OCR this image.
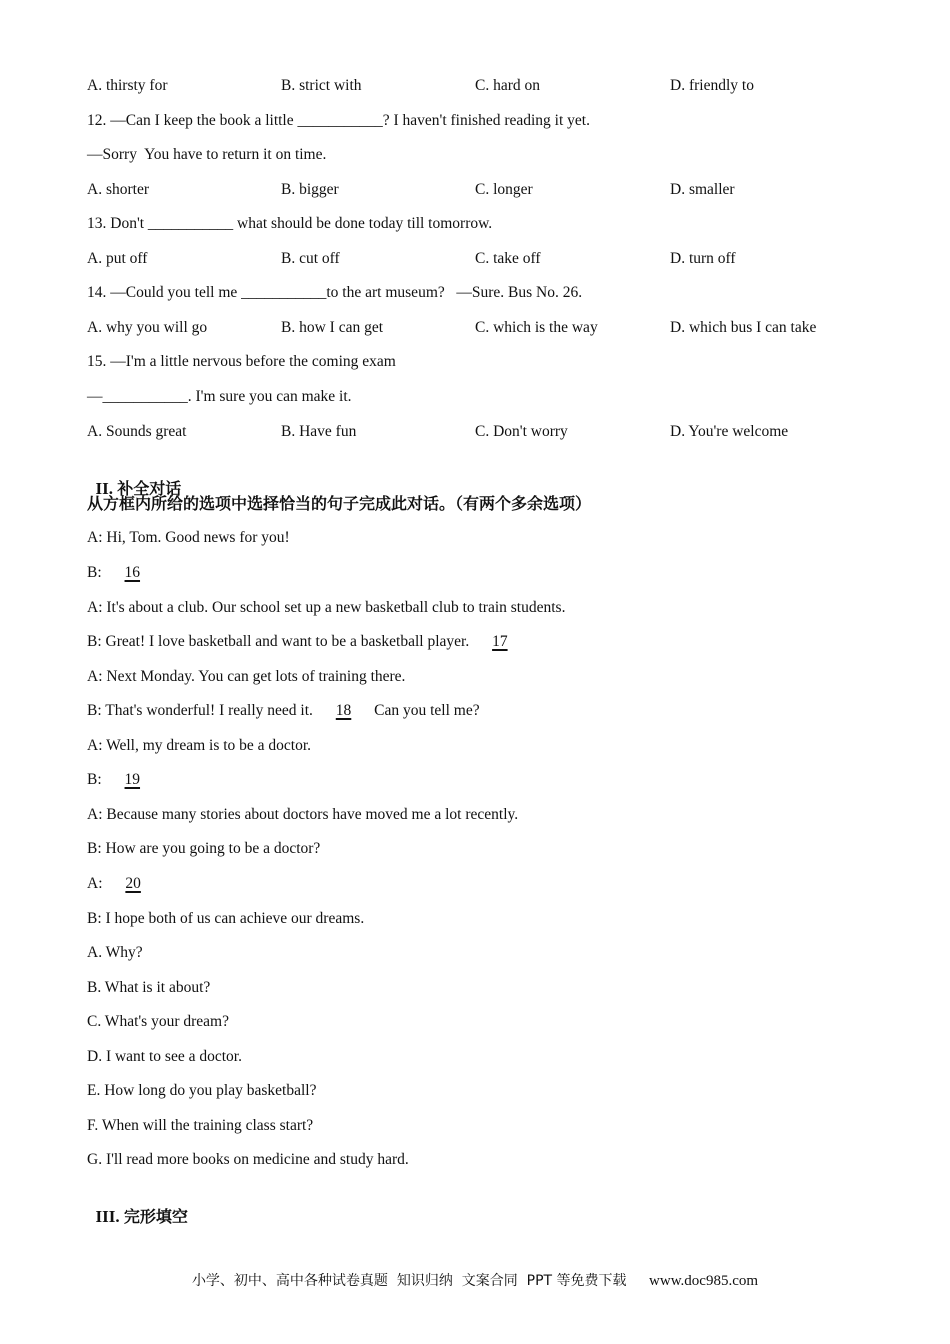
A. thirsty for	B. strict with	C. hard on	D. friendly to
12. —Can I keep the book a little ___________? I haven't finished reading it yet.
—Sorry  You have to return it on time.
A. shorter	B. bigger	C. longer	D. smaller
13. Don't ___________ what should be done today till tomorrow.
A. put off	B. cut off	C. take off	D. turn off
14. —Could you tell me ___________to the art museum?   —Sure. Bus No. 26.
A. why you will go	B. how I can get	C. which is the way	D. which bus I can take
15. —I'm a little nervous before the coming exam
—___________. I'm sure you can make it.
A. Sounds great	B. Have fun	C. Don't worry	D. You're welcome

II. 补全对话

从方框内所给的选项中选择恰当的句子完成此对话。（有两个多余选项）
A: Hi, Tom. Good news for you!
B: 16
A: It's about a club. Our school set up a new basketball club to train students.
B: Great! I love basketball and want to be a basketball player. 17
A: Next Monday. You can get lots of training there.
B: That's wonderful! I really need it. 18 Can you tell me?
A: Well, my dream is to be a doctor.
B: 19
A: Because many stories about doctors have moved me a lot recently.
B: How are you going to be a doctor?
A: 20
B: I hope both of us can achieve our dreams.
A. Why?
B. What is it about?
C. What's your dream?
D. I want to see a doctor.
E. How long do you play basketball?
F. When will the training class start?
G. I'll read more books on medicine and study hard.

III. 完形填空

小学、初中、高中各种试卷真题  知识归纳  文案合同  PPT 等免费下载 www.doc985.com
